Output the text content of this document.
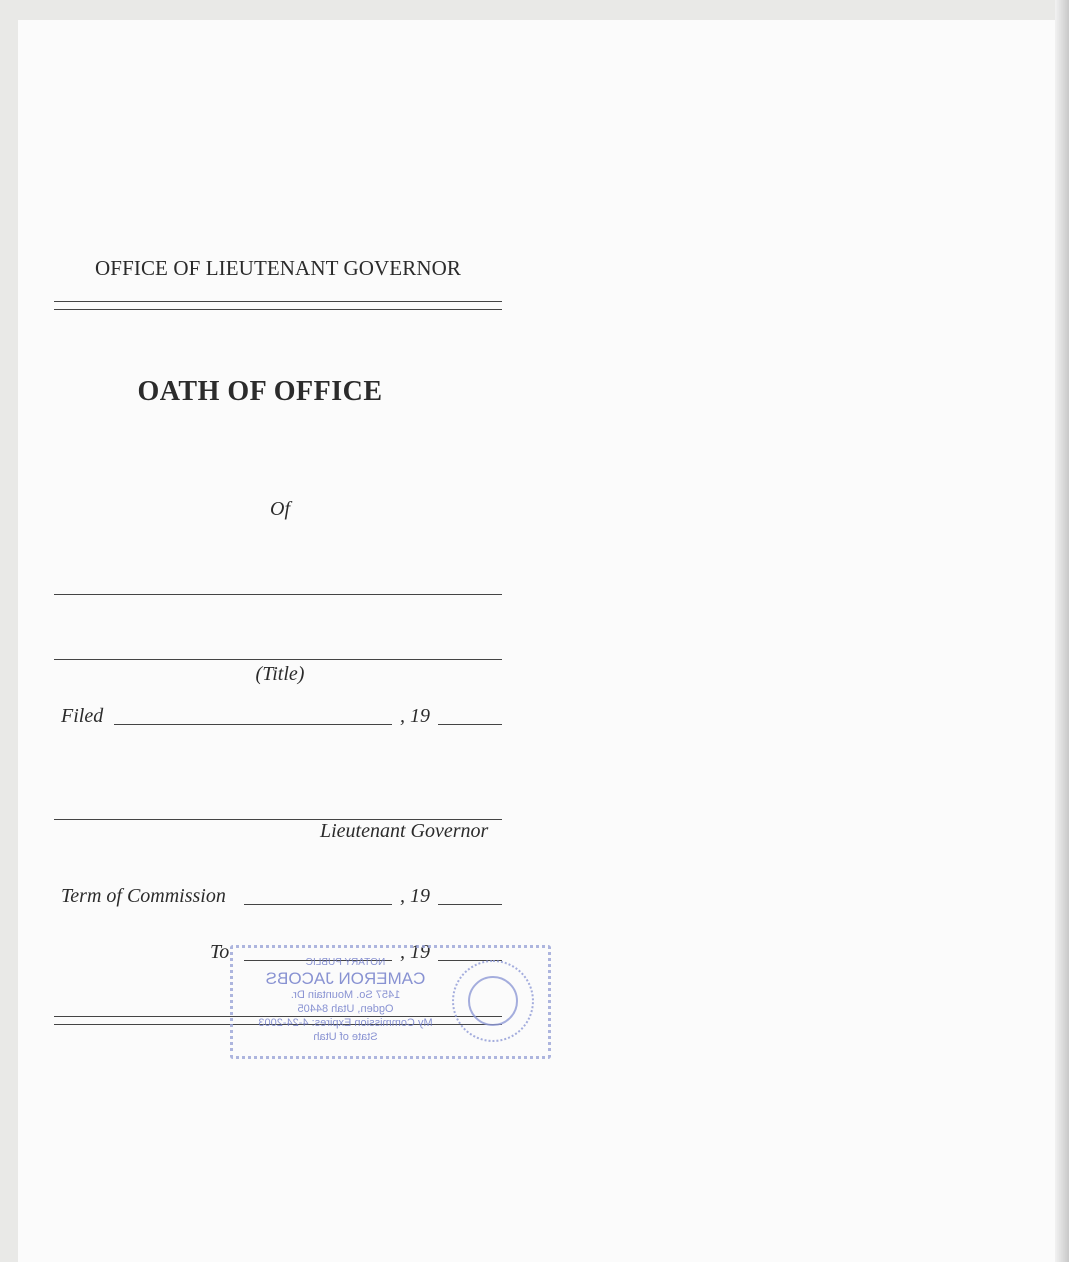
OFFICE OF LIEUTENANT GOVERNOR
OATH OF OFFICE
Of
(Title)
Filed	, 19
Lieutenant Governor
Term of Commission	, 19
To	, 19
NOTARY PUBLIC
CAMERON JACOBS
1457 So. Mountain Dr.
Ogden, Utah 84405
My Commission Expires: 4-24-2003
State of Utah
